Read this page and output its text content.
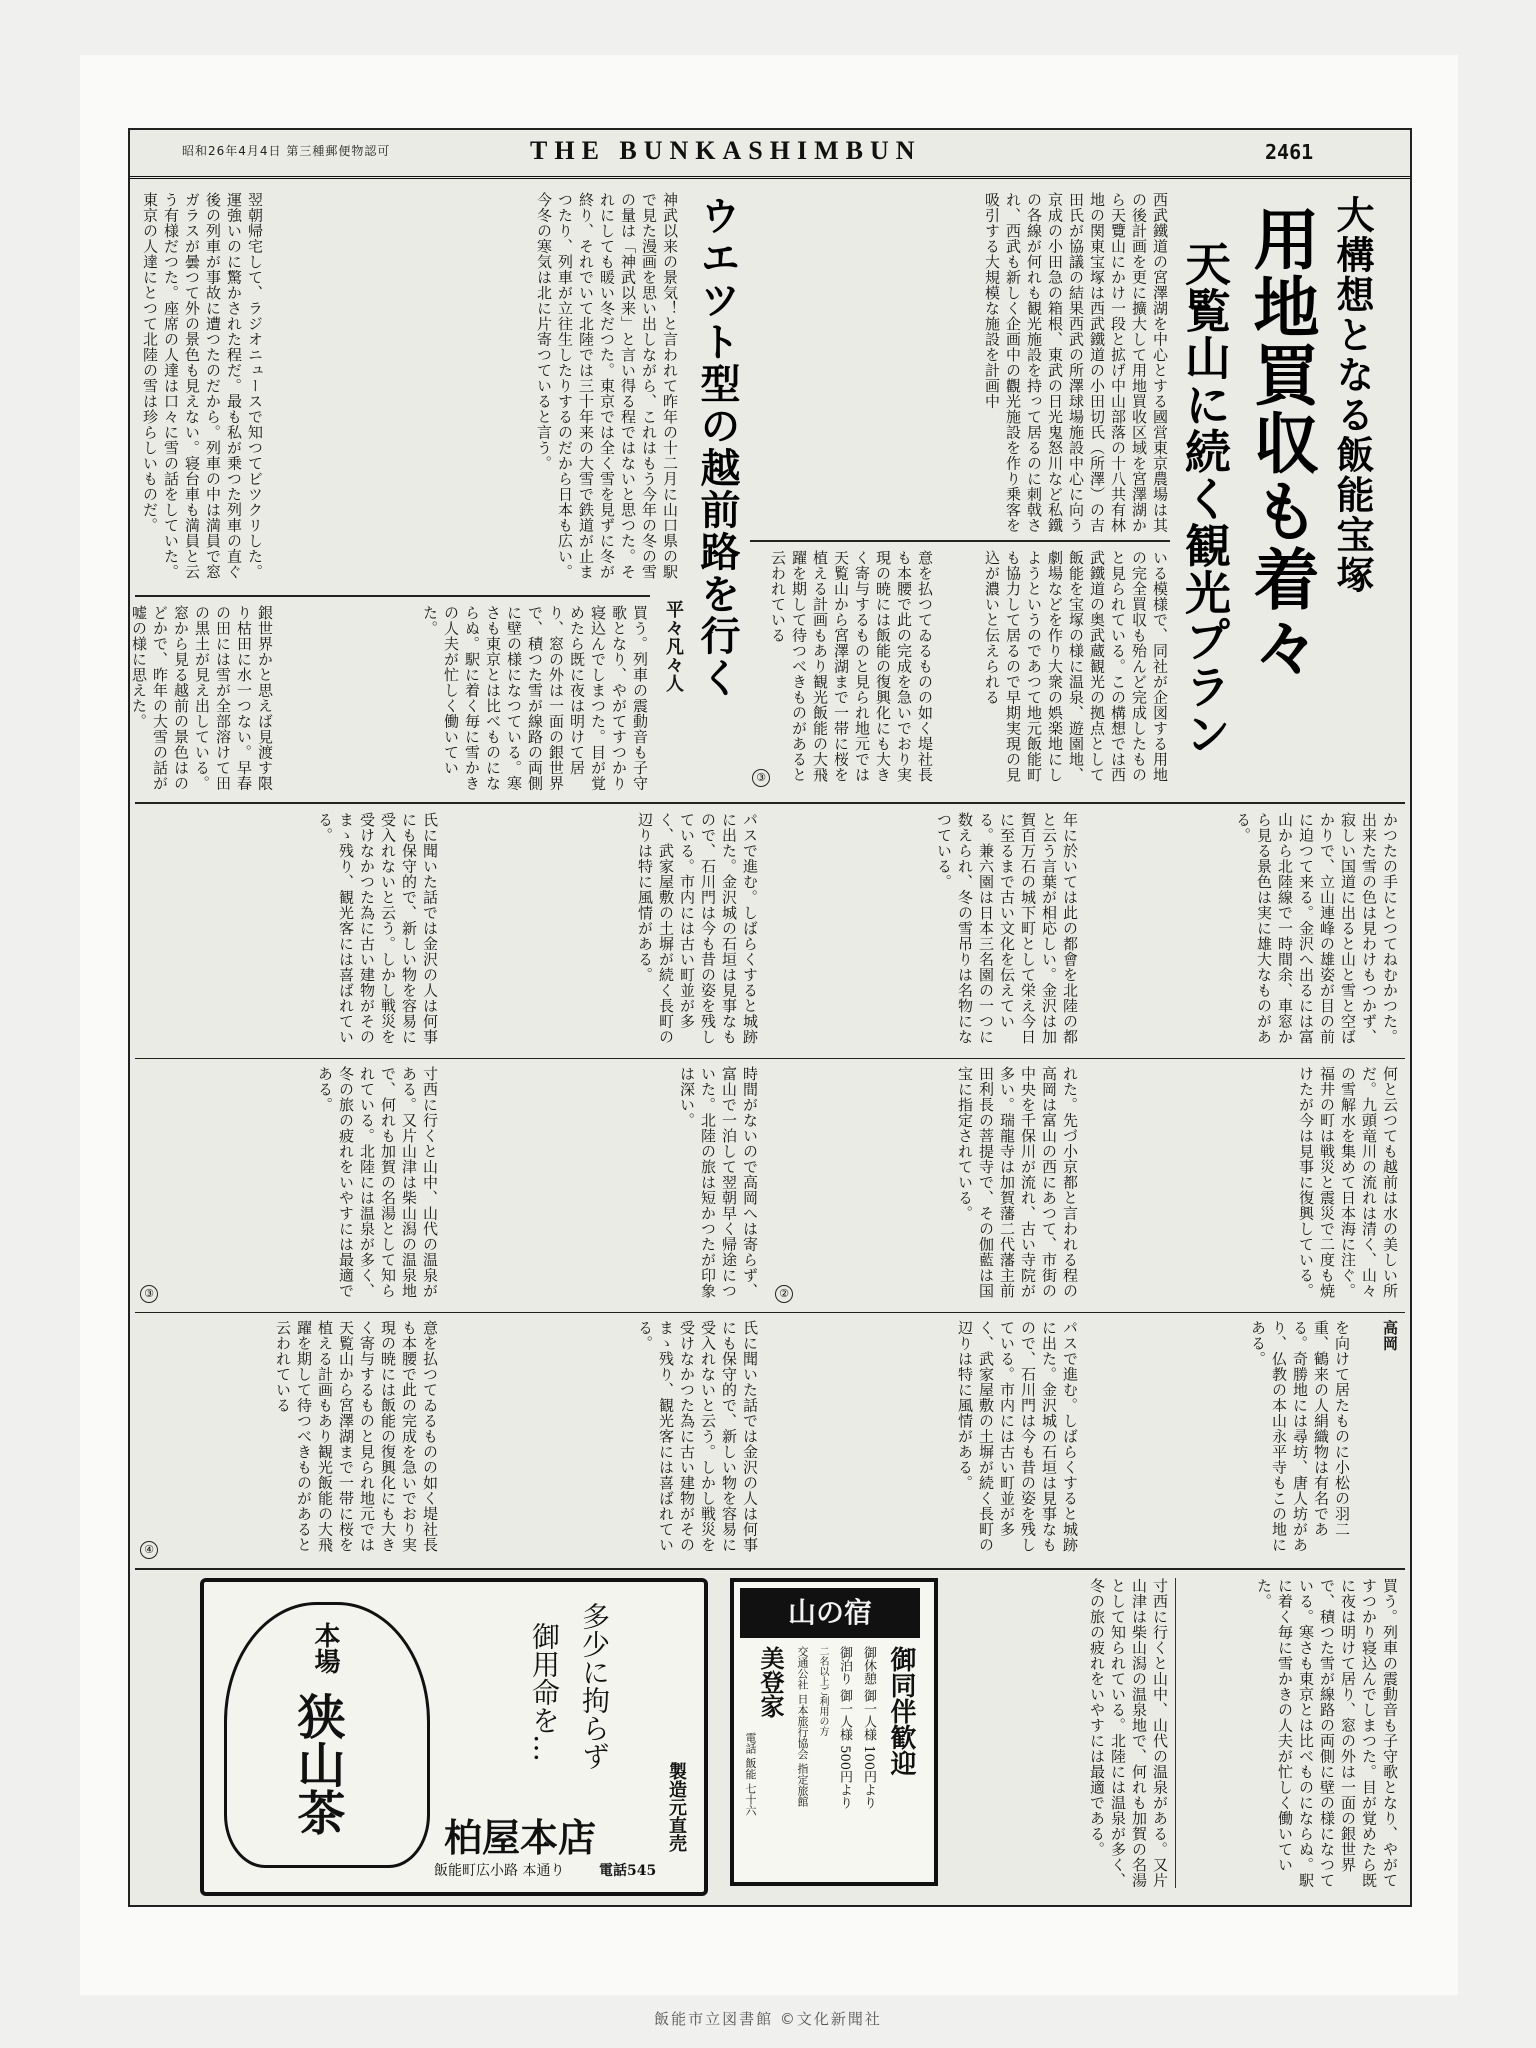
昭和26年4月4日 第三種郵便物認可	THE BUNKASHIMBUN	2461
大構想となる飯能宝塚
用地買収も着々
天覧山に続く観光プラン
西武鐵道の宮澤湖を中心とする國営東京農場は其の後計画を更に擴大して用地買收区域を宮澤湖から天覽山にかけ一段と拡げ中山部落の十八共有林地の関東宝塚は西武鐵道の小田切氏（所澤）の吉田氏が協議の結果西武の所澤球場施設中心に向う京成の小田急の箱根、東武の日光鬼怒川など私鐵の各線が何れも観光施設を持って居るのに刺戟され、西武も新しく企画中の觀光施設を作り乗客を吸引する大規模な施設を計画中
いる模様で、同社が企図する用地の完全買収も殆んど完成したものと見られている。この構想では西武鐵道の奥武蔵観光の拠点として飯能を宝塚の様に温泉、遊園地、劇場などを作り大衆の娯楽地にしようというのであつて地元飯能町も協力して居るので早期実現の見込が濃いと伝えられる
意を払つてゐるものの如く堤社長も本腰で此の完成を急いでおり実現の暁には飯能の復興化にも大きく寄与するものと見られ地元では天覧山から宮澤湖まで一帯に桜を植える計画もあり観光飯能の大飛躍を期して待つべきものがあると云われている
③
ウエツト型の越前路を行く
平々凡々人
神武以来の景気！と言われて昨年の十二月に山口県の駅で見た漫画を思い出しながら、これはもう今年の冬の雪の量は「神武以来」と言い得る程ではないと思つた。それにしても暖い冬だつた。東京では全く雪を見ずに冬が終り、それでいて北陸では三十年来の大雪で鉄道が止まつたり、列車が立往生したりするのだから日本も広い。今冬の寒気は北に片寄つていると言う。
翌朝帰宅して、ラジオニュースで知つてビツクリした。運強いのに驚かされた程だ。最も私が乗つた列車の直ぐ後の列車が事故に遭つたのだから。列車の中は満員で窓ガラスが曇つて外の景色も見えない。寝台車も満員と云う有様だつた。座席の人達は口々に雪の話をしていた。東京の人達にとつて北陸の雪は珍らしいものだ。
買う。列車の震動音も子守歌となり、やがてすつかり寝込んでしまつた。目が覚めたら既に夜は明けて居り、窓の外は一面の銀世界で、積つた雪が線路の両側に壁の様になつている。寒さも東京とは比べものにならぬ。駅に着く毎に雪かきの人夫が忙しく働いていた。
銀世界かと思えば見渡す限り枯田に水一つない。早春の田には雪が全部溶けて田の黒土が見え出している。窓から見る越前の景色はのどかで、昨年の大雪の話が嘘の様に思えた。
かつたの手にとつてねむかつた。出来た雪の色は見わけもつかず、寂しい国道に出ると山と雪と空ばかりで、立山連峰の雄姿が目の前に迫つて来る。金沢へ出るには富山から北陸線で一時間余、車窓から見る景色は実に雄大なものがある。
年に於いては此の都會を北陸の都と云う言葉が相応しい。金沢は加賀百万石の城下町として栄え今日に至るまで古い文化を伝えている。兼六園は日本三名園の一つに数えられ、冬の雪吊りは名物になつている。
パスで進む。しばらくすると城跡に出た。金沢城の石垣は見事なもので、石川門は今も昔の姿を残している。市内には古い町並が多く、武家屋敷の土塀が続く長町の辺りは特に風情がある。
氏に聞いた話では金沢の人は何事にも保守的で、新しい物を容易に受入れないと云う。しかし戦災を受けなかつた為に古い建物がそのまゝ残り、観光客には喜ばれている。
何と云つても越前は水の美しい所だ。九頭竜川の流れは清く、山々の雪解水を集めて日本海に注ぐ。福井の町は戦災と震災で二度も焼けたが今は見事に復興している。
れた。先づ小京都と言われる程の高岡は富山の西にあつて、市街の中央を千保川が流れ、古い寺院が多い。瑞龍寺は加賀藩二代藩主前田利長の菩提寺で、その伽藍は国宝に指定されている。
時間がないので高岡へは寄らず、富山で一泊して翌朝早く帰途についた。北陸の旅は短かつたが印象は深い。
寸西に行くと山中、山代の温泉がある。又片山津は柴山潟の温泉地で、何れも加賀の名湯として知られている。北陸には温泉が多く、冬の旅の疲れをいやすには最適である。
②
③
高岡
を向けて居たものに小松の羽二重、鶴来の人絹織物は有名である。奇勝地には尋坊、唐人坊があり、仏教の本山永平寺もこの地にある。
パスで進む。しばらくすると城跡に出た。金沢城の石垣は見事なもので、石川門は今も昔の姿を残している。市内には古い町並が多く、武家屋敷の土塀が続く長町の辺りは特に風情がある。
氏に聞いた話では金沢の人は何事にも保守的で、新しい物を容易に受入れないと云う。しかし戦災を受けなかつた為に古い建物がそのまゝ残り、観光客には喜ばれている。
意を払つてゐるものの如く堤社長も本腰で此の完成を急いでおり実現の暁には飯能の復興化にも大きく寄与するものと見られ地元では天覧山から宮澤湖まで一帯に桜を植える計画もあり観光飯能の大飛躍を期して待つべきものがあると云われている
④
本場
狭山茶	多少に拘らず
御用命を…
製造元直売
柏屋本店
飯能町広小路 本通り	電話545
山の宿
御同伴歓迎
御休憩 御一人様 100円より
御泊り 御一人様 500円より
二名以上ご利用の方
交通公社 日本旅行協会 指定旅館
美登家
電話 飯能 七十六	寸西に行くと山中、山代の温泉がある。又片山津は柴山潟の温泉地で、何れも加賀の名湯として知られている。北陸には温泉が多く、冬の旅の疲れをいやすには最適である。	買う。列車の震動音も子守歌となり、やがてすつかり寝込んでしまつた。目が覚めたら既に夜は明けて居り、窓の外は一面の銀世界で、積つた雪が線路の両側に壁の様になつている。寒さも東京とは比べものにならぬ。駅に着く毎に雪かきの人夫が忙しく働いていた。
飯能市立図書館 ©文化新聞社
